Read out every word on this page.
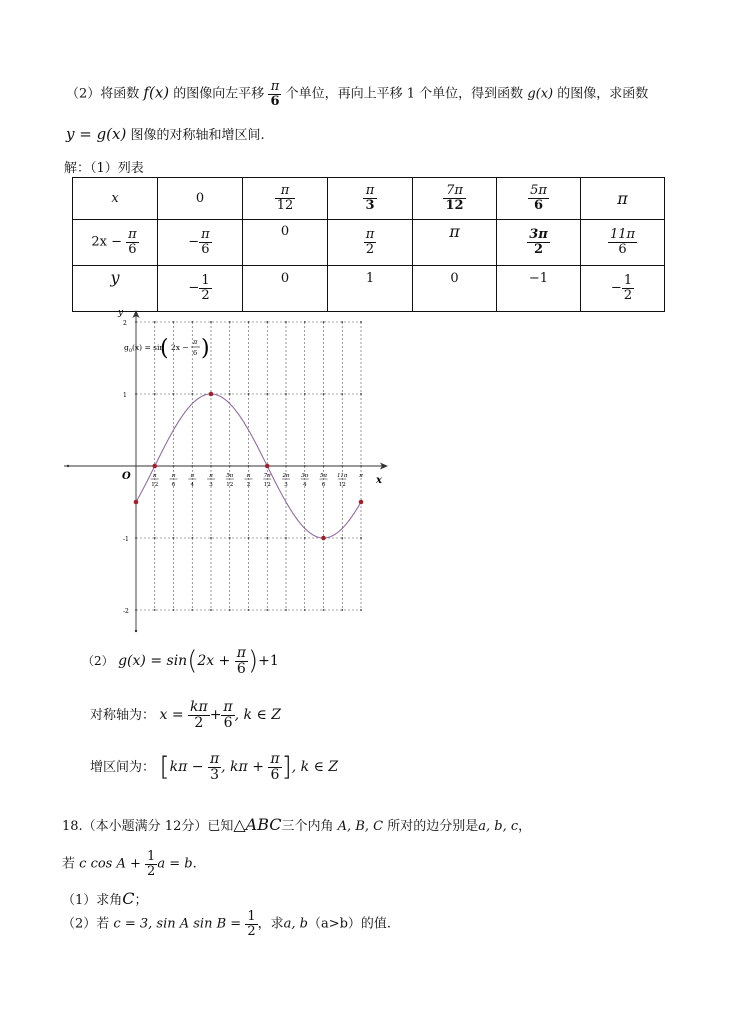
（2）将函数 f(x) 的图像向左平移 $\frac{\pi}{6}$ 个单位，再向上平移 1 个单位，得到函数 g(x) 的图像，求函数
y = g(x) 图像的对称轴和增区间.
解：（1）列表
x	0	$\frac{\pi}{12}$	$\frac{\pi}{3}$	$\frac{7\pi}{12}$	$\frac{5\pi}{6}$	π
$2x - \frac{\pi}{6}$	− $\frac{\pi}{6}$	0	$\frac{\pi}{2}$	π	$\frac{3\pi}{2}$	$\frac{11\pi}{6}$

y	− $\frac{1}{2}$	0	1	0	−1	− $\frac{1}{2}$
2
1
-1
-2
π
12
π
6
π
4
π
3
5π
12
π
2
7π
12
2π
3
3π
4
5π
6
11π
12
π
y
x
O
$g_0(x) = \sin$
( 2x −
π
6 )
（2） $g(x) = \sin(2x + \frac{\pi}{6} )+1$
对称轴为： $x = \frac{k\pi}{2} + \frac{\pi}{6}$ , k ∈ Z
增区间为： [$k\pi - \frac{\pi}{3}$ , $k\pi + \frac{\pi}{6}$ ], k ∈ Z
18.（本小题满分 12分）已知△ABC三个内角 A, B, C 所对的边分别是a, b, c，
若 c $\cos A + \frac{1}{2}$ a = b.
（1）求角C；
（2）若 c = 3, sin A $\sin B = \frac{1}{2}$ ，求a, b（a>b）的值.
